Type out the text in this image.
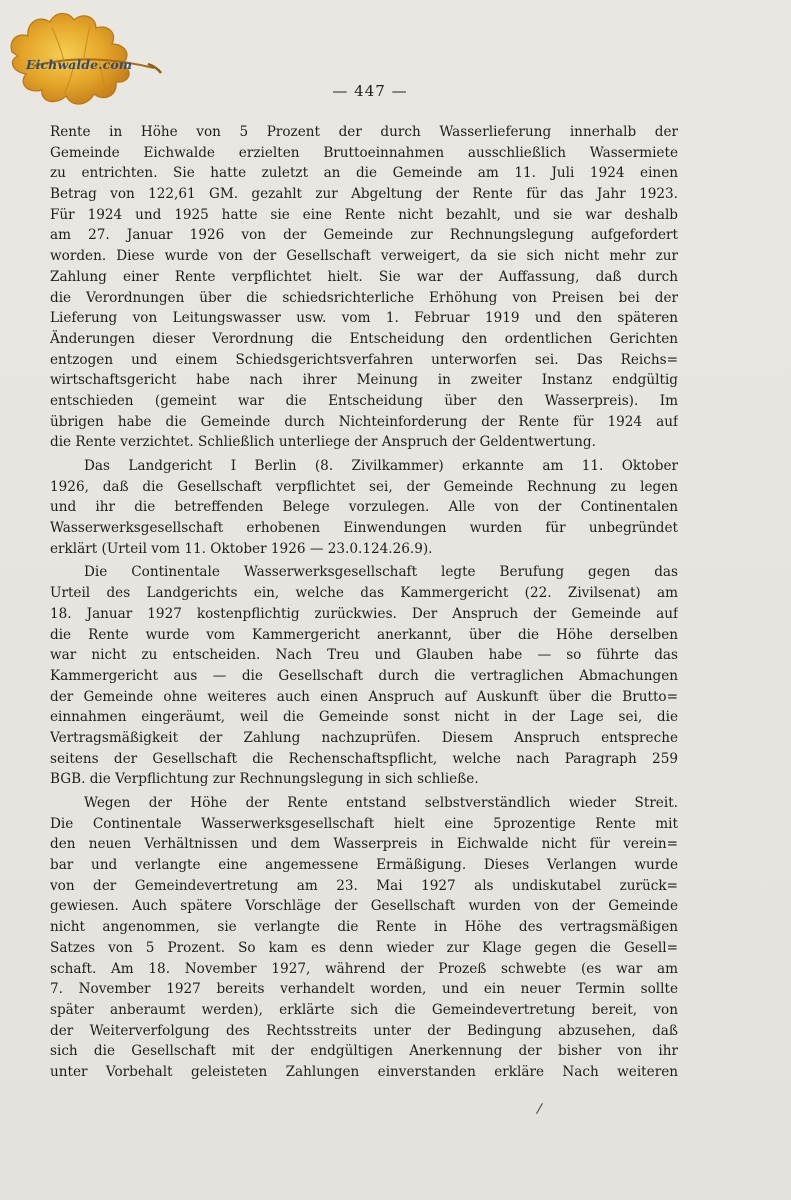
Eichwalde.com
— 447 —
Rente in Höhe von 5 Prozent der durch Wasserlieferung innerhalb der
Gemeinde Eichwalde erzielten Bruttoeinnahmen ausschließlich Wassermiete
zu entrichten. Sie hatte zuletzt an die Gemeinde am 11. Juli 1924 einen
Betrag von 122,61 GM. gezahlt zur Abgeltung der Rente für das Jahr 1923.
Für 1924 und 1925 hatte sie eine Rente nicht bezahlt, und sie war deshalb
am 27. Januar 1926 von der Gemeinde zur Rechnungslegung aufgefordert
worden. Diese wurde von der Gesellschaft verweigert, da sie sich nicht mehr zur
Zahlung einer Rente verpflichtet hielt. Sie war der Auffassung, daß durch
die Verordnungen über die schiedsrichterliche Erhöhung von Preisen bei der
Lieferung von Leitungswasser usw. vom 1. Februar 1919 und den späteren
Änderungen dieser Verordnung die Entscheidung den ordentlichen Gerichten
entzogen und einem Schiedsgerichtsverfahren unterworfen sei. Das Reichs=
wirtschaftsgericht habe nach ihrer Meinung in zweiter Instanz endgültig
entschieden (gemeint war die Entscheidung über den Wasserpreis). Im
übrigen habe die Gemeinde durch Nichteinforderung der Rente für 1924 auf
die Rente verzichtet. Schließlich unterliege der Anspruch der Geldentwertung.
Das Landgericht I Berlin (8. Zivilkammer) erkannte am 11. Oktober
1926, daß die Gesellschaft verpflichtet sei, der Gemeinde Rechnung zu legen
und ihr die betreffenden Belege vorzulegen. Alle von der Continentalen
Wasserwerksgesellschaft erhobenen Einwendungen wurden für unbegründet
erklärt (Urteil vom 11. Oktober 1926 — 23.0.124.26.9).
Die Continentale Wasserwerksgesellschaft legte Berufung gegen das
Urteil des Landgerichts ein, welche das Kammergericht (22. Zivilsenat) am
18. Januar 1927 kostenpflichtig zurückwies. Der Anspruch der Gemeinde auf
die Rente wurde vom Kammergericht anerkannt, über die Höhe derselben
war nicht zu entscheiden. Nach Treu und Glauben habe — so führte das
Kammergericht aus — die Gesellschaft durch die vertraglichen Abmachungen
der Gemeinde ohne weiteres auch einen Anspruch auf Auskunft über die Brutto=
einnahmen eingeräumt, weil die Gemeinde sonst nicht in der Lage sei, die
Vertragsmäßigkeit der Zahlung nachzuprüfen. Diesem Anspruch entspreche
seitens der Gesellschaft die Rechenschaftspflicht, welche nach Paragraph 259
BGB. die Verpflichtung zur Rechnungslegung in sich schließe.
Wegen der Höhe der Rente entstand selbstverständlich wieder Streit.
Die Continentale Wasserwerksgesellschaft hielt eine 5prozentige Rente mit
den neuen Verhältnissen und dem Wasserpreis in Eichwalde nicht für verein=
bar und verlangte eine angemessene Ermäßigung. Dieses Verlangen wurde
von der Gemeindevertretung am 23. Mai 1927 als undiskutabel zurück=
gewiesen. Auch spätere Vorschläge der Gesellschaft wurden von der Gemeinde
nicht angenommen, sie verlangte die Rente in Höhe des vertragsmäßigen
Satzes von 5 Prozent. So kam es denn wieder zur Klage gegen die Gesell=
schaft. Am 18. November 1927, während der Prozeß schwebte (es war am
7. November 1927 bereits verhandelt worden, und ein neuer Termin sollte
später anberaumt werden), erklärte sich die Gemeindevertretung bereit, von
der Weiterverfolgung des Rechtsstreits unter der Bedingung abzusehen, daß
sich die Gesellschaft mit der endgültigen Anerkennung der bisher von ihr
unter Vorbehalt geleisteten Zahlungen einverstanden erkläre Nach weiteren
/
